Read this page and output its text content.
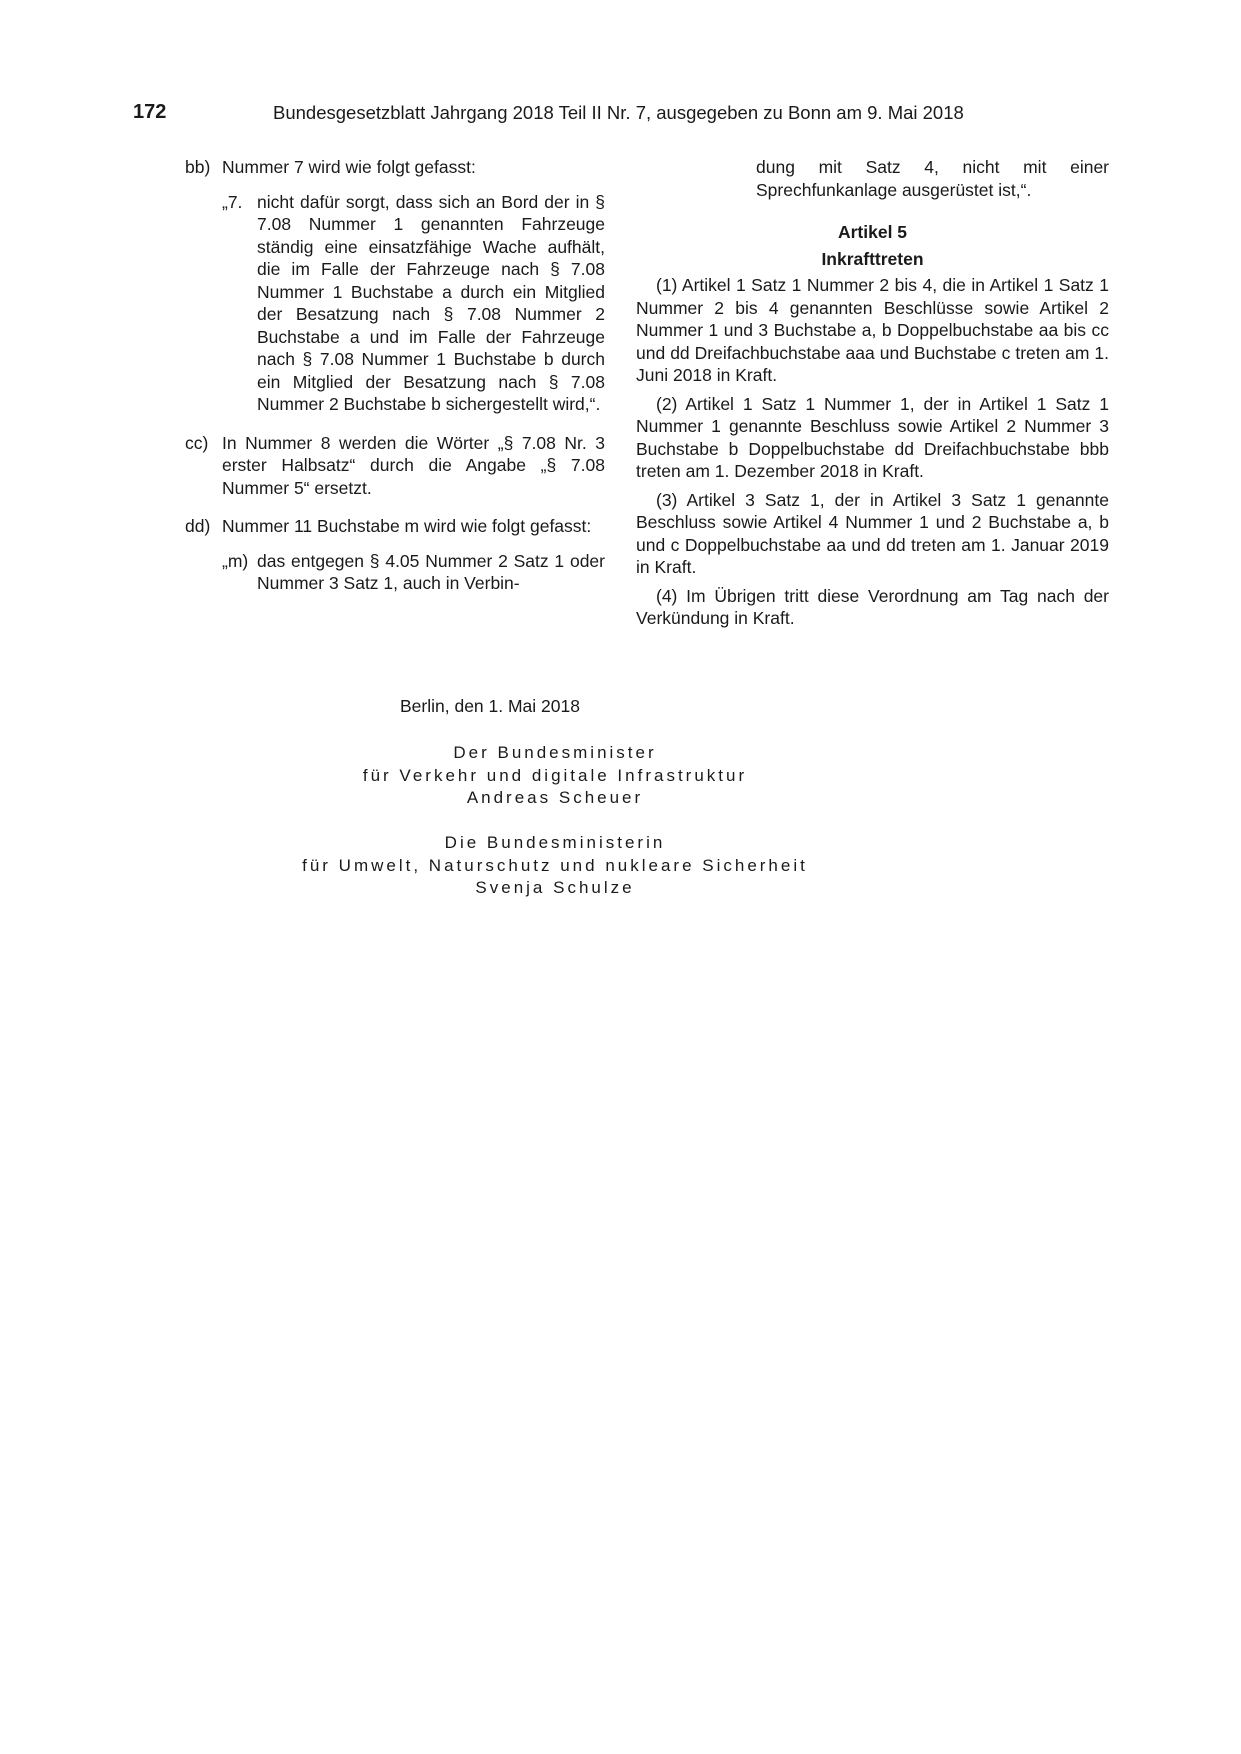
172	Bundesgesetzblatt Jahrgang 2018 Teil II Nr. 7, ausgegeben zu Bonn am 9. Mai 2018
bb) Nummer 7 wird wie folgt gefasst:
„7. nicht dafür sorgt, dass sich an Bord der in § 7.08 Nummer 1 genannten Fahrzeuge ständig eine einsatzfähige Wache aufhält, die im Falle der Fahrzeuge nach § 7.08 Nummer 1 Buchstabe a durch ein Mitglied der Besatzung nach § 7.08 Nummer 2 Buchstabe a und im Falle der Fahrzeuge nach § 7.08 Nummer 1 Buchstabe b durch ein Mitglied der Besatzung nach § 7.08 Nummer 2 Buchstabe b sichergestellt wird,“.
cc) In Nummer 8 werden die Wörter „§ 7.08 Nr. 3 erster Halbsatz“ durch die Angabe „§ 7.08 Nummer 5“ ersetzt.
dd) Nummer 11 Buchstabe m wird wie folgt gefasst:
„m) das entgegen § 4.05 Nummer 2 Satz 1 oder Nummer 3 Satz 1, auch in Verbin-
dung mit Satz 4, nicht mit einer Sprechfunkanlage ausgerüstet ist,“.
Artikel 5
Inkrafttreten

(1) Artikel 1 Satz 1 Nummer 2 bis 4, die in Artikel 1 Satz 1 Nummer 2 bis 4 genannten Beschlüsse sowie Artikel 2 Nummer 1 und 3 Buchstabe a, b Doppelbuchstabe aa bis cc und dd Dreifachbuchstabe aaa und Buchstabe c treten am 1. Juni 2018 in Kraft.

(2) Artikel 1 Satz 1 Nummer 1, der in Artikel 1 Satz 1 Nummer 1 genannte Beschluss sowie Artikel 2 Nummer 3 Buchstabe b Doppelbuchstabe dd Dreifachbuchstabe bbb treten am 1. Dezember 2018 in Kraft.

(3) Artikel 3 Satz 1, der in Artikel 3 Satz 1 genannte Beschluss sowie Artikel 4 Nummer 1 und 2 Buchstabe a, b und c Doppelbuchstabe aa und dd treten am 1. Januar 2019 in Kraft.

(4) Im Übrigen tritt diese Verordnung am Tag nach der Verkündung in Kraft.

Berlin, den 1. Mai 2018
Der Bundesminister
für Verkehr und digitale Infrastruktur
Andreas Scheuer
Die Bundesministerin
für Umwelt, Naturschutz und nukleare Sicherheit
Svenja Schulze
